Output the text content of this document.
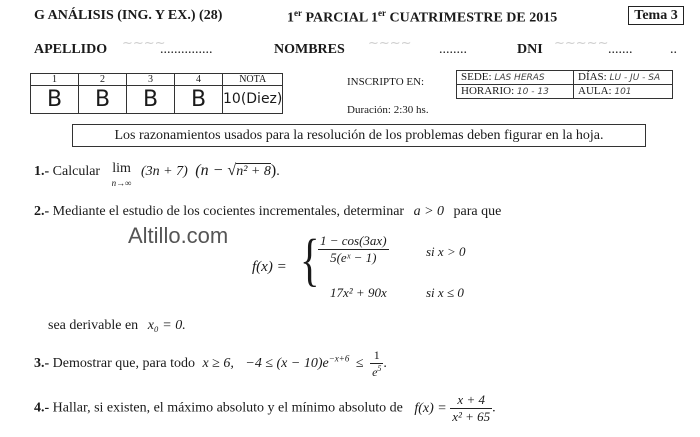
G ANÁLISIS (ING. Y EX.) (28)	1er PARCIAL 1er CUATRIMESTRE DE 2015	Tema 3
APELLIDO ~~~~
...............	NOMBRES ~~~~ ........	DNI ~~~~~ .......	..
1	2	3	4	NOTA
B	B	B	B	10(Diez)
INSCRIPTO EN:	SEDE: LAS HERAS	DÍAS: LU - JU - SA
HORARIO: 10 - 13	AULA: 101
Duración: 2:30 hs.
Los razonamientos usados para la resolución de los problemas deben figurar en la hoja.
1.- Calcular lim
n→∞
(3n + 7) (n − √n² + 8).
2.- Mediante el estudio de los cocientes incrementales, determinar a > 0 para que
Altillo.com
f(x) = {
$\frac{1 - \cos(3ax)}{\text{5(eˣ − 1)}}$	si x > 0
17x² + 90x	si x ≤ 0
sea derivable en x₀ = 0.
3.- Demostrar que, para todo x ≥ 6, $-4 \le (x - 10)e^{-x+6} \le \frac{1}{e^5}$ .
4.- Hallar, si existen, el máximo absoluto y el mínimo absoluto de $f(x) = \frac{x + 4}{\text{x² + 65}}$ .
